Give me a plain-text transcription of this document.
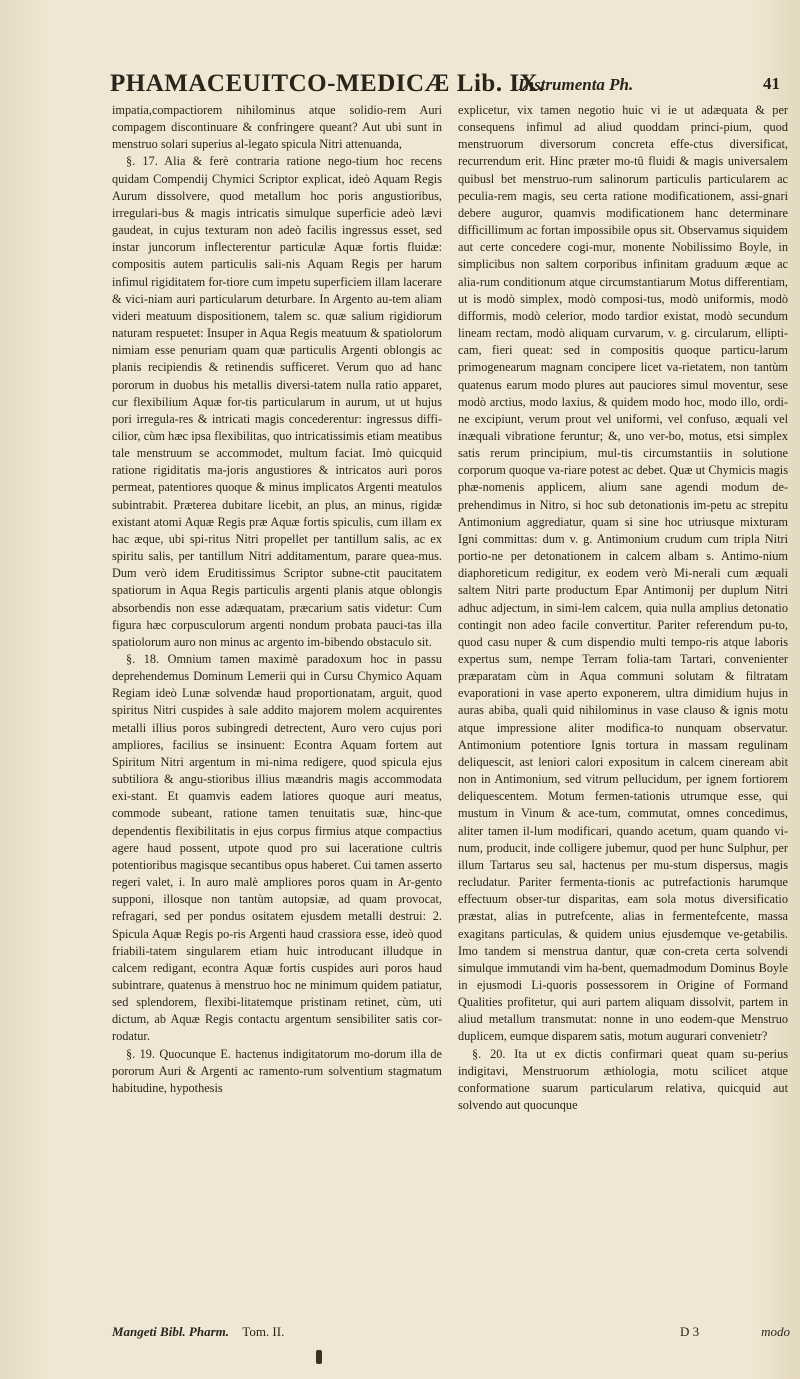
PHAMACEUITCO-MEDICÆ Lib. IX.
Instrumenta Ph.	41

impatia,compactiorem nihilominus atque solidio-rem Auri compagem discontinuare & confringere queant? Aut ubi sunt in menstruo solari superius al-legato spicula Nitri attenuanda,

§. 17. Alia & ferè contraria ratione nego-tium hoc recens quidam Compendij Chymici Scriptor explicat, ideò Aquam Regis Aurum dissolvere, quod metallum hoc poris angustioribus, irregulari-bus & magis intricatis simulque superficie adeò lævi gaudeat, in cujus texturam non adeò facilis ingressus esset, sed instar juncorum inflecterentur particulæ Aquæ fortis fluidæ: compositis autem particulis sali-nis Aquam Regis per harum infimul rigiditatem for-tiore cum impetu superficiem illam lacerare & vici-niam auri particularum deturbare. In Argento au-tem aliam videri meatuum dispositionem, talem sc. quæ salium rigidiorum naturam respuetet: Insuper in Aqua Regis meatuum & spatiolorum nimiam esse penuriam quam quæ particulis Argenti oblongis ac planis recipiendis & retinendis sufficeret. Verum quo ad hanc pororum in duobus his metallis diversi-tatem nulla ratio apparet, cur flexibilium Aquæ for-tis particularum in aurum, ut ut hujus pori irregula-res & intricati magis concederentur: ingressus diffi-cilior, cùm hæc ipsa flexibilitas, quo intricatissimis etiam meatibus tale menstruum se accommodet, multum faciat. Imò quicquid ratione rigiditatis ma-joris angustiores & intricatos auri poros permeat, patentiores quoque & minus implicatos Argenti meatulos subintrabit. Præterea dubitare licebit, an plus, an minus, rigidæ existant atomi Aquæ Regis præ Aquæ fortis spiculis, cum illam ex hac æque, ubi spi-ritus Nitri propellet per tantillum salis, ac ex spiritu salis, per tantillum Nitri additamentum, parare quea-mus. Dum verò idem Eruditissimus Scriptor subne-ctit paucitatem spatiorum in Aqua Regis particulis argenti planis atque oblongis absorbendis non esse adæquatam, præcarium satis videtur: Cum figura hæc corpusculorum argenti nondum probata pauci-tas illa spatiolorum auro non minus ac argento im-bibendo obstaculo sit.

§. 18. Omnium tamen maximè paradoxum hoc in passu deprehendemus Dominum Lemerii qui in Cursu Chymico Aquam Regiam ideò Lunæ solvendæ haud proportionatam, arguit, quod spiritus Nitri cuspides à sale addito majorem molem acquirentes metalli illius poros subingredi detrectent, Auro vero cujus pori ampliores, facilius se insinuent: Econtra Aquam fortem aut Spiritum Nitri argentum in mi-nima redigere, quod spicula ejus subtiliora & angu-stioribus illius mæandris magis accommodata exi-stant. Et quamvis eadem latiores quoque auri meatus, commode subeant, ratione tamen tenuitatis suæ, hinc-que dependentis flexibilitatis in ejus corpus firmius atque compactius agere haud possent, utpote quod pro sui laceratione cultris potentioribus magisque secantibus opus haberet. Cui tamen asserto regeri valet, i. In auro malè ampliores poros quam in Ar-gento supponi, illosque non tantùm autopsiæ, ad quam provocat, refragari, sed per pondus ositatem ejusdem metalli destrui: 2. Spicula Aquæ Regis po-ris Argenti haud crassiora esse, ideò quod friabili-tatem singularem etiam huic introducant illudque in calcem redigant, econtra Aquæ fortis cuspides auri poros haud subintrare, quatenus à menstruo hoc ne minimum quidem patiatur, sed splendorem, flexibi-litatemque pristinam retinet, cùm, uti dictum, ab Aquæ Regis contactu argentum sensibiliter satis cor-rodatur.

§. 19. Quocunque E. hactenus indigitatorum mo-dorum illa de pororum Auri & Argenti ac ramento-rum solventium stagmatum habitudine, hypothesis

explicetur, vix tamen negotio huic vi ie ut adæquata & per consequens infimul ad aliud quoddam princi-pium, quod menstruorum diversorum concreta effe-ctus diversificat, recurrendum erit. Hinc præter mo-tû fluidi & magis universalem quibusl bet menstruo-rum salinorum particulis particularem ac peculia-rem magis, seu certa ratione modificationem, assi-gnari debere auguror, quamvis modificationem hanc determinare difficillimum ac fortan impossibile opus sit. Observamus siquidem aut certe concedere cogi-mur, monente Nobilissimo Boyle, in simplicibus non saltem corporibus infinitam graduum æque ac alia-rum conditionum atque circumstantiarum Motus differentiam, ut is modò simplex, modò composi-tus, modò uniformis, modò difformis, modò celerior, modo tardior existat, modò secundum lineam rectam, modò aliquam curvarum, v. g. circularum, ellipti-cam, fieri queat: sed in compositis quoque particu-larum primogenearum magnam concipere licet va-rietatem, non tantùm quatenus earum modo plures aut pauciores simul moventur, sese modò arctius, modo laxius, & quidem modo hoc, modo illo, ordi-ne excipiunt, verum prout vel uniformi, vel confuso, æquali vel inæquali vibratione feruntur; &, uno ver-bo, motus, etsi simplex satis rerum principium, mul-tis circumstantiis in solutione corporum quoque va-riare potest ac debet. Quæ ut Chymicis magis phæ-nomenis applicem, alium sane agendi modum de-prehendimus in Nitro, si hoc sub detonationis im-petu ac strepitu Antimonium aggrediatur, quam si sine hoc utriusque mixturam Igni committas: dum v. g. Antimonium crudum cum tripla Nitri portio-ne per detonationem in calcem albam s. Antimo-nium diaphoreticum redigitur, ex eodem verò Mi-nerali cum æquali saltem Nitri parte productum Epar Antimonij per duplum Nitri adhuc adjectum, in simi-lem calcem, quia nulla amplius detonatio contingit non adeo facile convertitur. Pariter referendum pu-to, quod casu nuper & cum dispendio multi tempo-ris atque laboris expertus sum, nempe Terram folia-tam Tartari, convenienter præparatam cùm in Aqua communi solutam & filtratam evaporationi in vase aperto exponerem, ultra dimidium hujus in auras abiba, quali quid nihilominus in vase clauso & ignis motu atque impressione aliter modifica-to nunquam observatur. Antimonium potentiore Ignis tortura in massam regulinam deliquescit, ast leniori calori expositum in calcem cineream abit non in Antimonium, sed vitrum pellucidum, per ignem fortiorem deliquescentem. Motum fermen-tationis utrumque esse, qui mustum in Vinum & ace-tum, commutat, omnes concedimus, aliter tamen il-lum modificari, quando acetum, quam quando vi-num, producit, inde colligere jubemur, quod per hunc Sulphur, per illum Tartarus seu sal, hactenus per mu-stum dispersus, magis recludatur. Pariter fermenta-tionis ac putrefactionis harumque effectuum obser-tur disparitas, eam sola motus diversificatio præstat, alias in putrefcente, alias in fermentefcente, massa exagitans particulas, & quidem unius ejusdemque ve-getabilis. Imo tandem si menstrua dantur, quæ con-creta certa solvendi simulque immutandi vim ha-bent, quemadmodum Dominus Boyle in ejusmodi Li-quoris possessorem in Origine of Formand Qualities profitetur, qui auri partem aliquam dissolvit, partem in aliud metallum transmutat: nonne in uno eodem-que Menstruo duplicem, eumque disparem satis, motum augurari convenietr?

§. 20. Ita ut ex dictis confirmari queat quam su-perius indigitavi, Menstruorum æthiologia, motu scilicet atque conformatione suarum particularum relativa, quicquid aut solvendo aut quocunque

Mangeti Bibl. Pharm. Tom. II.	D 3	modo
